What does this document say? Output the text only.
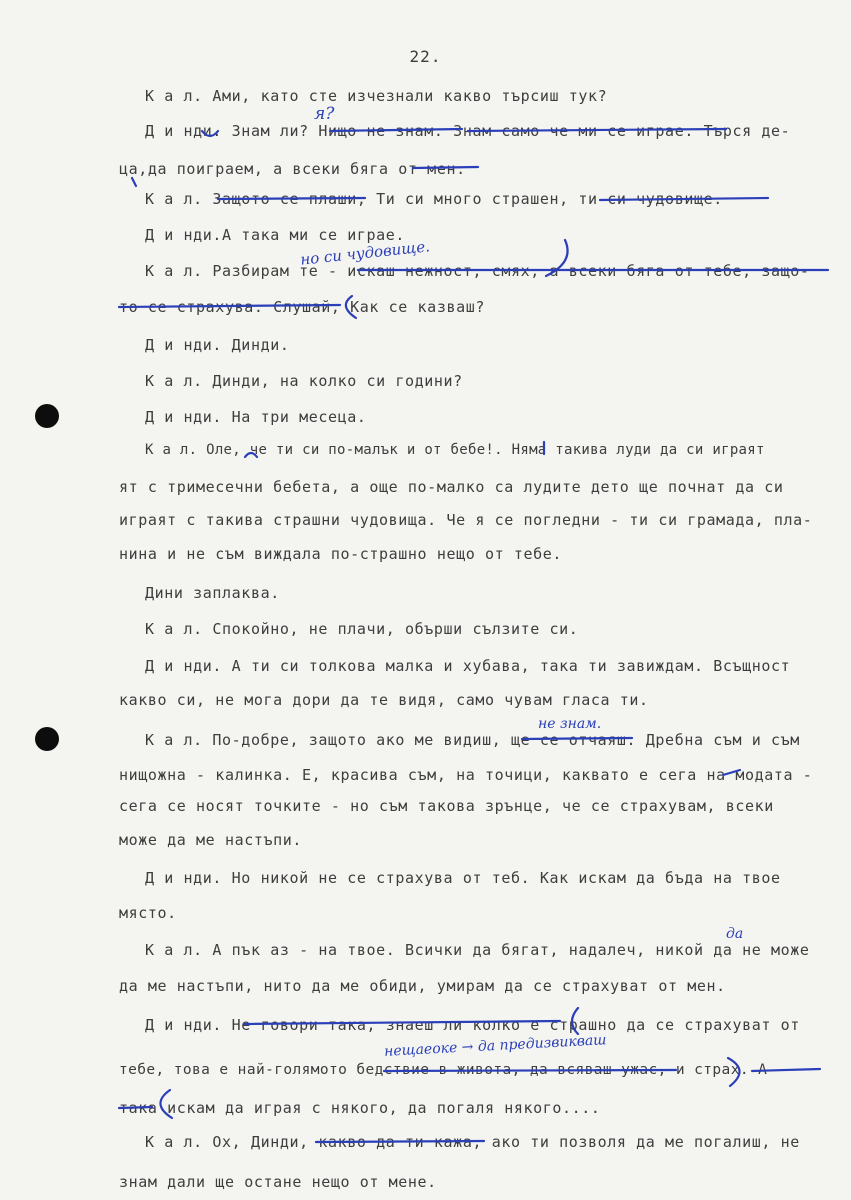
22.
К а л. Ами, като сте изчезнали какво търсиш тук?
Д и нди. Знам ли? Нищо не знам. Знам само че ми се играе. Търся де-
ца,да поиграем, а всеки бяга от мен.
К а л. Защото се плаши, Ти си много страшен, ти си чудовище.
Д и нди.А така ми се играе.
К а л. Разбирам те - искаш нежност, смях, а всеки бяга от тебе, защо-
то се страхува. Слушай, Как се казваш?
Д и нди. Динди.
К а л. Динди, на колко си години?
Д и нди. На три месеца.
К а л. Оле, че ти си по-малък и от бебе!. Няма такива луди да си играят
ят с тримесечни бебета, а още по-малко са лудите дето ще почнат да си
играят с такива страшни чудовища. Че я се погледни - ти си грамада, пла-
нина и не съм виждала по-страшно нещо от тебе.
Дини заплаква.
К а л. Спокойно, не плачи, обърши сълзите си.
Д и нди. А ти си толкова малка и хубава, така ти завиждам. Всъщност
какво си, не мога дори да те видя, само чувам гласа ти.
К а л. По-добре, защото ако ме видиш, ще се отчаяш. Дребна съм и съм
нищожна - калинка. Е, красива съм, на точици, каквато е сега на модата -
сега се носят точките - но съм такова зрънце, че се страхувам, всеки
може да ме настъпи.
Д и нди. Но никой не се страхува от теб. Как искам да бъда на твое
място.
К а л. А пък аз - на твое. Всички да бягат, надалеч, никой да не може
да ме настъпи, нито да ме обиди, умирам да се страхуват от мен.
Д и нди. Не говори така, знаеш ли колко е страшно да се страхуват от
тебе, това е най-голямото бедствие в живота, да всяваш ужас, и страх. А
така искам да играя с някого, да погаля някого....
К а л. Ох, Динди, какво да ти кажа, ако ти позволя да ме погалиш, не
знам дали ще остане нещо от мене.
я?
но си чудовище.
не знам.
да
нещаеоке → да предизвикваш
